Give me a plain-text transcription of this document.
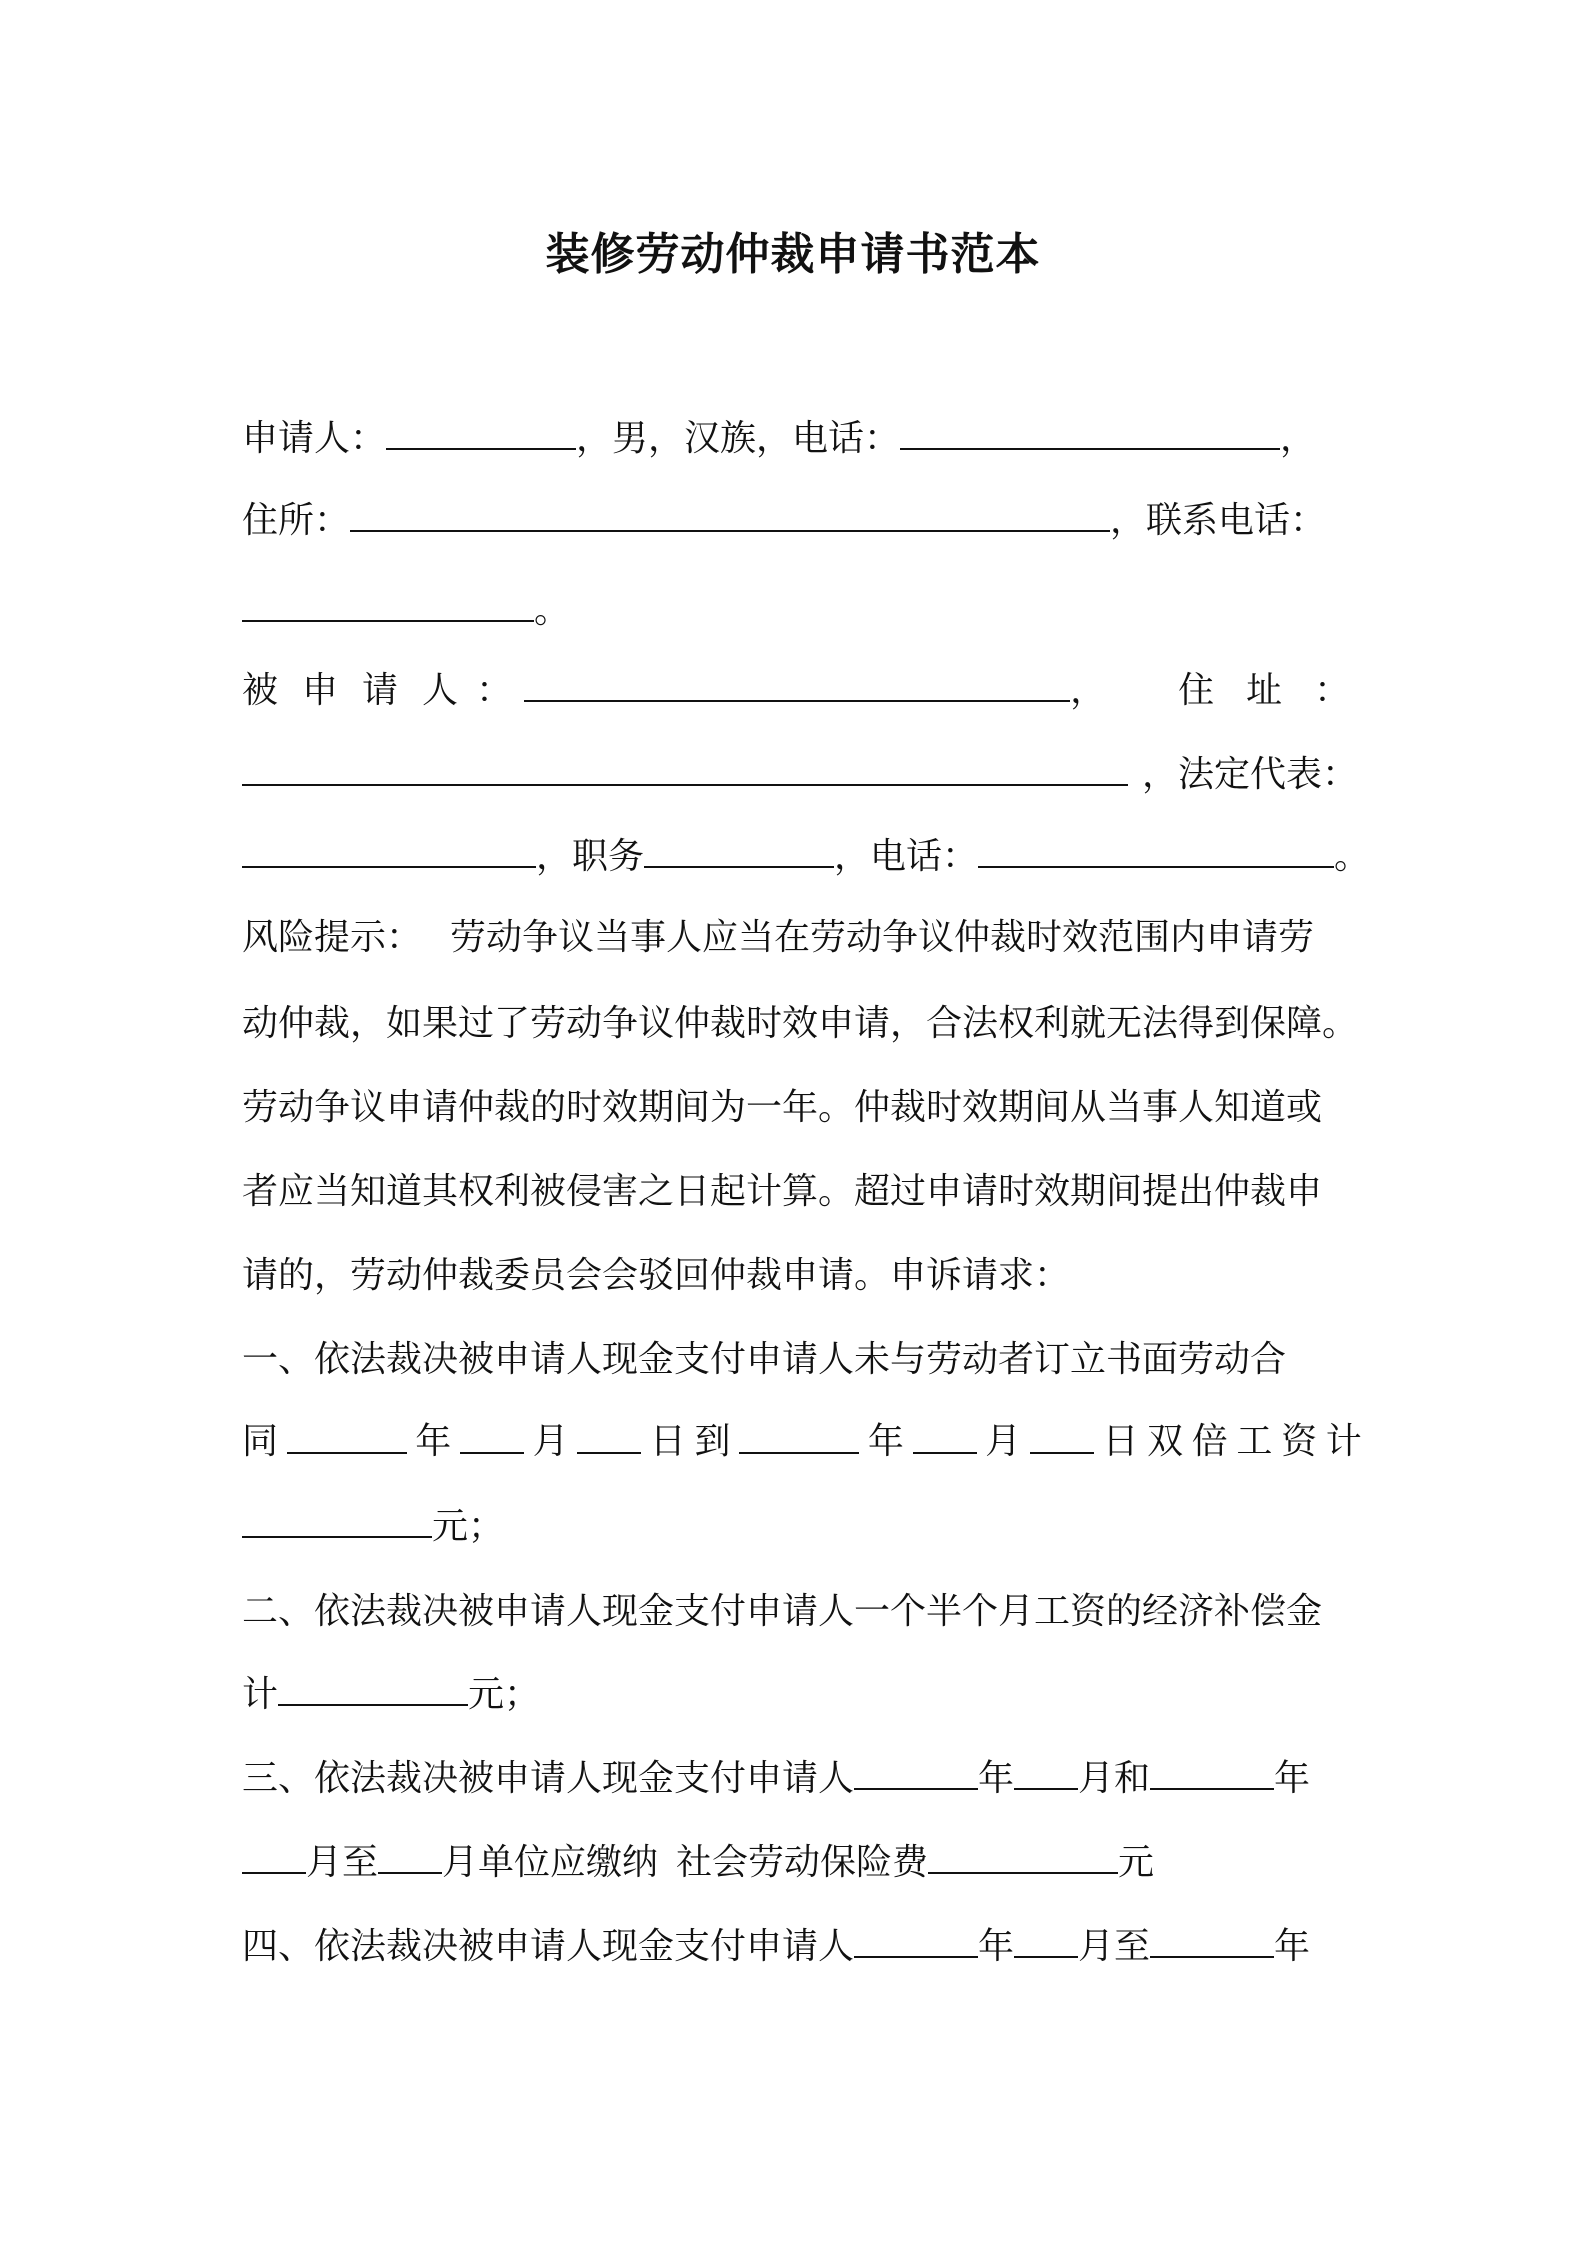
装修劳动仲裁申请书范本
申请人：	，男，汉族，电话：	，
住所：	，联系电话：
。
被 申 请 人 ：	， 住 址 ：
，法定代表：
，职务	，电话：	。
风险提示： 劳动争议当事人应当在劳动争议仲裁时效范围内申请劳
动仲裁，如果过了劳动争议仲裁时效申请，合法权利就无法得到保障。
劳动争议申请仲裁的时效期间为一年。仲裁时效期间从当事人知道或
者应当知道其权利被侵害之日起计算。超过申请时效期间提出仲裁申
请的，劳动仲裁委员会会驳回仲裁申请。申诉请求：
一、依法裁决被申请人现金支付申请人未与劳动者订立书面劳动合
同	年 月 日 到	年 月 日 双 倍 工 资 计
元；
二、依法裁决被申请人现金支付申请人一个半个月工资的经济补偿金
计	元；
三、依法裁决被申请人现金支付申请人	年 月和	年
月至 月单位应缴纳 社会劳动保险费	元
四、依法裁决被申请人现金支付申请人	年 月至	年
